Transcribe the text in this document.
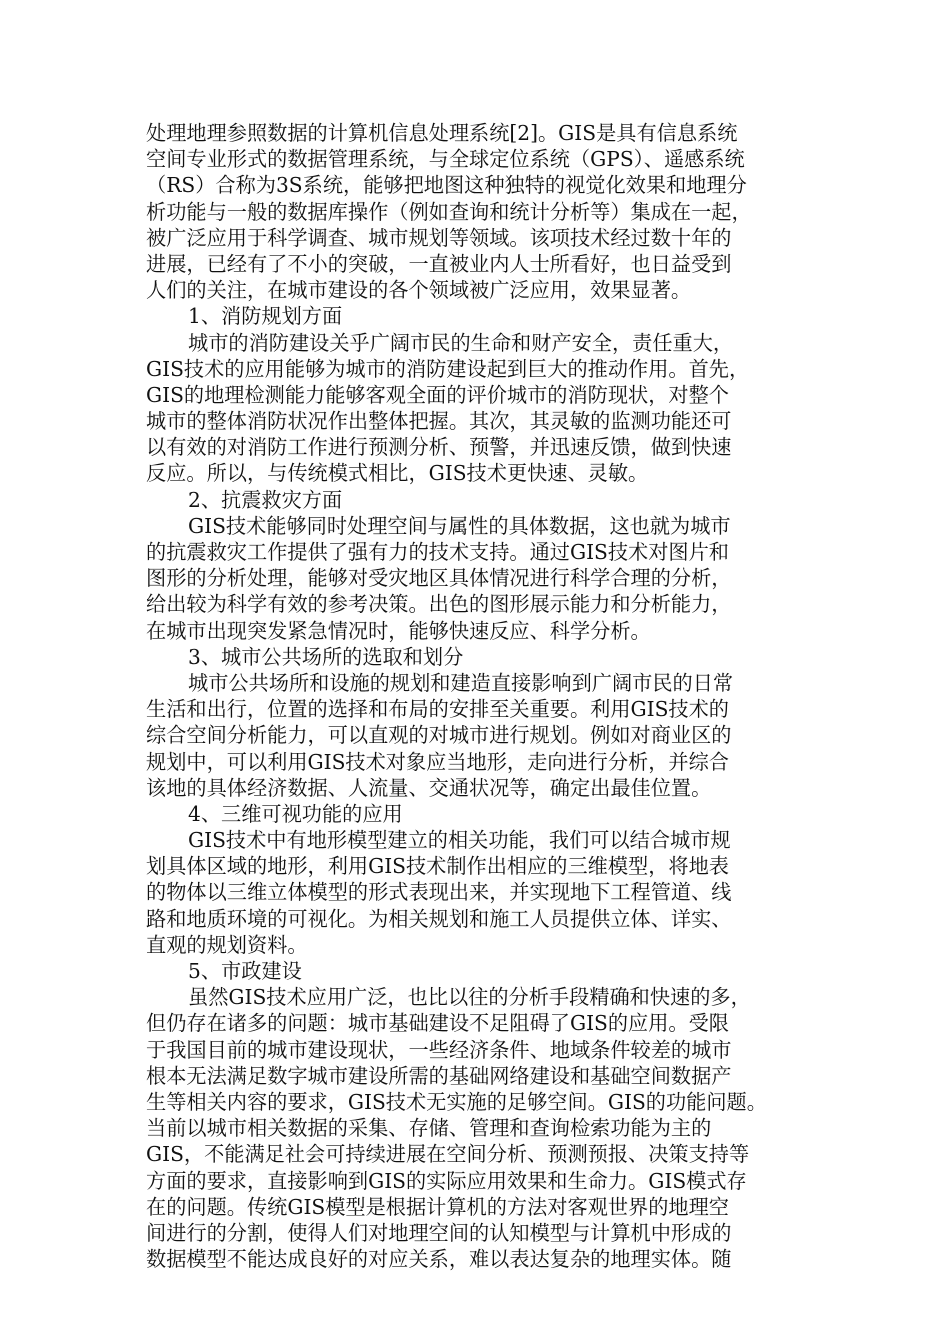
处理地理参照数据的计算机信息处理系统[2]。GIS是具有信息系统
空间专业形式的数据管理系统，与全球定位系统（GPS）、遥感系统
（RS）合称为3S系统，能够把地图这种独特的视觉化效果和地理分
析功能与一般的数据库操作（例如查询和统计分析等）集成在一起，
被广泛应用于科学调查、城市规划等领域。该项技术经过数十年的
进展，已经有了不小的突破，一直被业内人士所看好，也日益受到
人们的关注，在城市建设的各个领域被广泛应用，效果显著。
1、消防规划方面
城市的消防建设关乎广阔市民的生命和财产安全，责任重大，
GIS技术的应用能够为城市的消防建设起到巨大的推动作用。首先，
GIS的地理检测能力能够客观全面的评价城市的消防现状，对整个
城市的整体消防状况作出整体把握。其次，其灵敏的监测功能还可
以有效的对消防工作进行预测分析、预警，并迅速反馈，做到快速
反应。所以，与传统模式相比，GIS技术更快速、灵敏。
2、抗震救灾方面
GIS技术能够同时处理空间与属性的具体数据，这也就为城市
的抗震救灾工作提供了强有力的技术支持。通过GIS技术对图片和
图形的分析处理，能够对受灾地区具体情况进行科学合理的分析，
给出较为科学有效的参考决策。出色的图形展示能力和分析能力，
在城市出现突发紧急情况时，能够快速反应、科学分析。
3、城市公共场所的选取和划分
城市公共场所和设施的规划和建造直接影响到广阔市民的日常
生活和出行，位置的选择和布局的安排至关重要。利用GIS技术的
综合空间分析能力，可以直观的对城市进行规划。例如对商业区的
规划中，可以利用GIS技术对象应当地形，走向进行分析，并综合
该地的具体经济数据、人流量、交通状况等，确定出最佳位置。
4、三维可视功能的应用
GIS技术中有地形模型建立的相关功能，我们可以结合城市规
划具体区域的地形，利用GIS技术制作出相应的三维模型，将地表
的物体以三维立体模型的形式表现出来，并实现地下工程管道、线
路和地质环境的可视化。为相关规划和施工人员提供立体、详实、
直观的规划资料。
5、市政建设
虽然GIS技术应用广泛，也比以往的分析手段精确和快速的多，
但仍存在诸多的问题：城市基础建设不足阻碍了GIS的应用。受限
于我国目前的城市建设现状，一些经济条件、地域条件较差的城市
根本无法满足数字城市建设所需的基础网络建设和基础空间数据产
生等相关内容的要求，GIS技术无实施的足够空间。GIS的功能问题。
当前以城市相关数据的采集、存储、管理和查询检索功能为主的
GIS，不能满足社会可持续进展在空间分析、预测预报、决策支持等
方面的要求，直接影响到GIS的实际应用效果和生命力。GIS模式存
在的问题。传统GIS模型是根据计算机的方法对客观世界的地理空
间进行的分割，使得人们对地理空间的认知模型与计算机中形成的
数据模型不能达成良好的对应关系，难以表达复杂的地理实体。随
